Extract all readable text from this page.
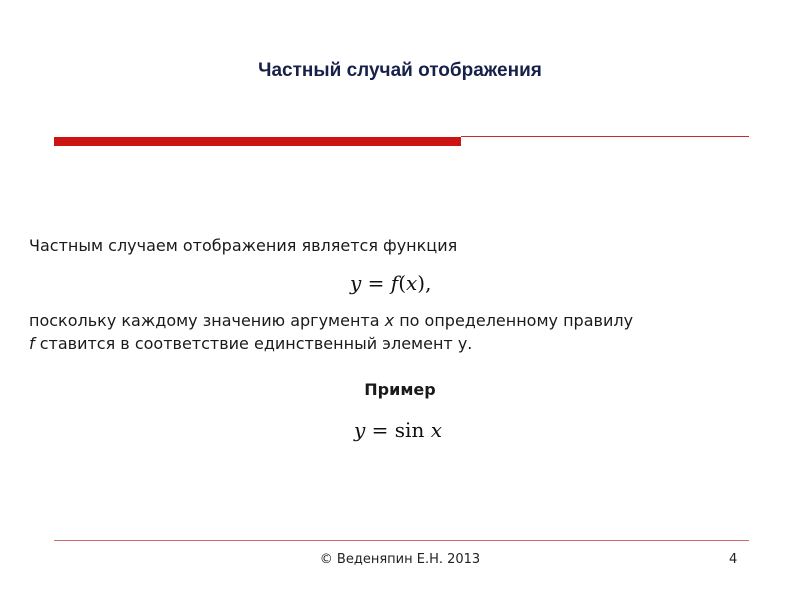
Частный случай отображения
Частным случаем отображения является функция
y = f(x),
поскольку каждому значению аргумента x по определенному правилу
f ставится в соответствие единственный элемент у.
Пример
y = sin x
© Веденяпин Е.Н. 2013	4
